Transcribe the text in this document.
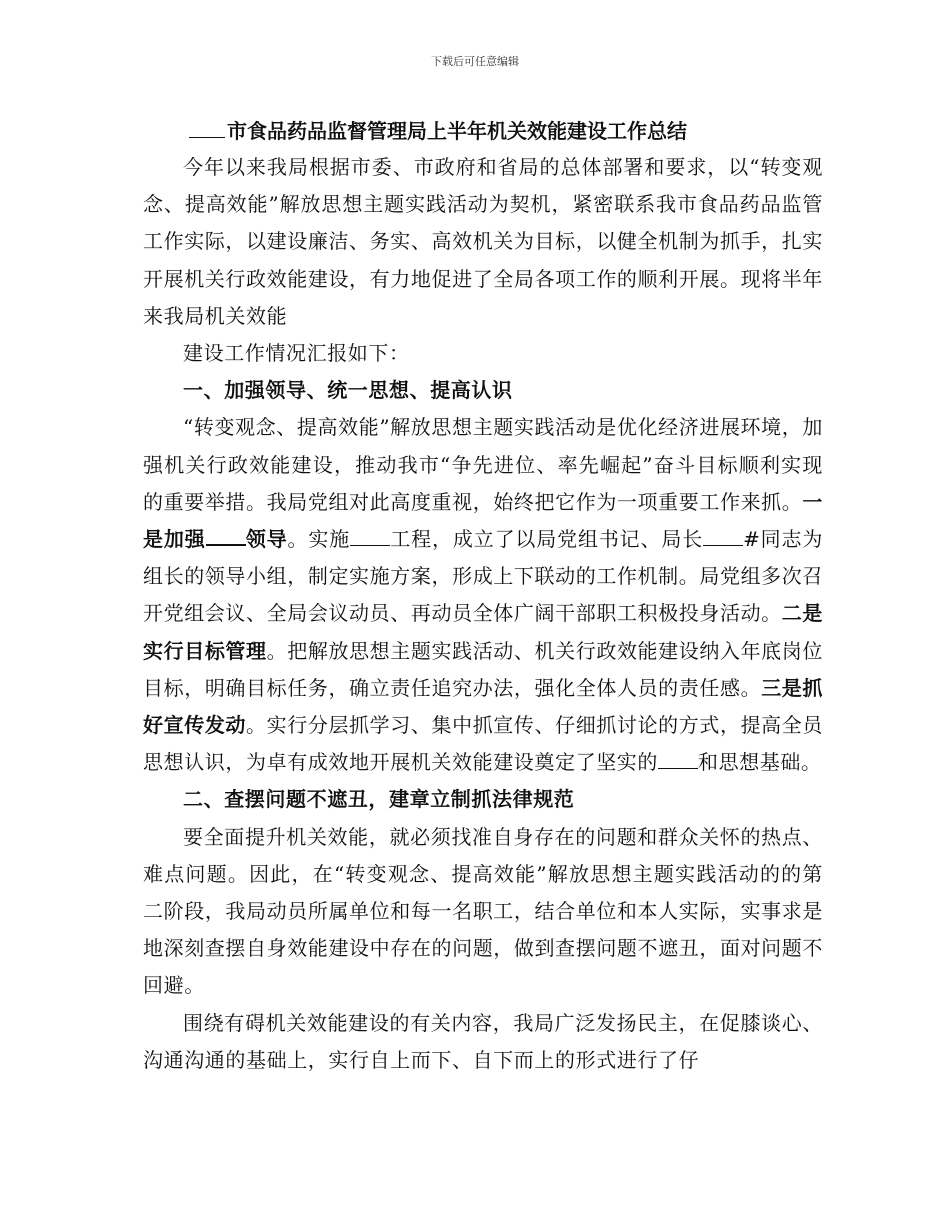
下载后可任意编辑
市食品药品监督管理局上半年机关效能建设工作总结

今年以来我局根据市委、市政府和省局的总体部署和要求，以“转变观念、提高效能”解放思想主题实践活动为契机，紧密联系我市食品药品监管工作实际，以建设廉洁、务实、高效机关为目标，以健全机制为抓手，扎实开展机关行政效能建设，有力地促进了全局各项工作的顺利开展。现将半年来我局机关效能

建设工作情况汇报如下：

一、加强领导、统一思想、提高认识

“转变观念、提高效能”解放思想主题实践活动是优化经济进展环境，加强机关行政效能建设，推动我市“争先进位、率先崛起”奋斗目标顺利实现的重要举措。我局党组对此高度重视，始终把它作为一项重要工作来抓。一是加强 领导。实施 工程，成立了以局党组书记、局长 #同志为组长的领导小组，制定实施方案，形成上下联动的工作机制。局党组多次召开党组会议、全局会议动员、再动员全体广阔干部职工积极投身活动。二是实行目标管理。把解放思想主题实践活动、机关行政效能建设纳入年底岗位目标，明确目标任务，确立责任追究办法，强化全体人员的责任感。三是抓好宣传发动。实行分层抓学习、集中抓宣传、仔细抓讨论的方式，提高全员思想认识，为卓有成效地开展机关效能建设奠定了坚实的 和思想基础。

二、查摆问题不遮丑，建章立制抓法律规范

要全面提升机关效能，就必须找准自身存在的问题和群众关怀的热点、难点问题。因此，在“转变观念、提高效能”解放思想主题实践活动的的第二阶段，我局动员所属单位和每一名职工，结合单位和本人实际，实事求是地深刻查摆自身效能建设中存在的问题，做到查摆问题不遮丑，面对问题不回避。

围绕有碍机关效能建设的有关内容，我局广泛发扬民主，在促膝谈心、沟通沟通的基础上，实行自上而下、自下而上的形式进行了仔
